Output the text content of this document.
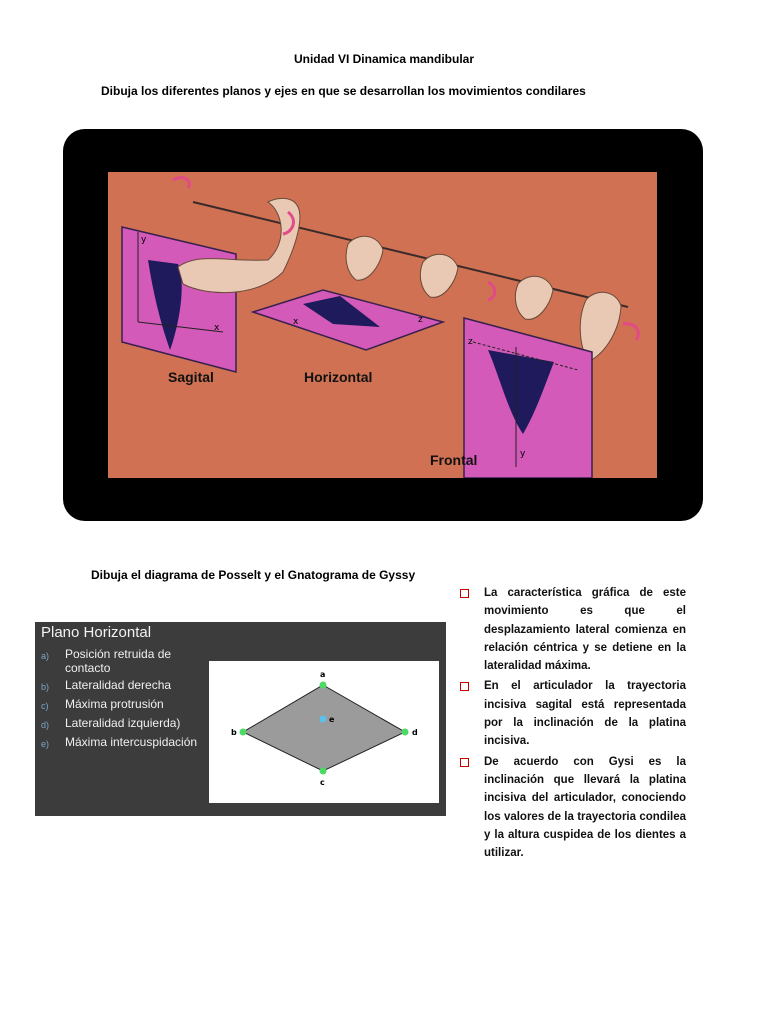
Unidad VI Dinamica mandibular
Dibuja los diferentes planos y ejes en que se desarrollan los movimientos condilares
y
x
x	z
z
y
Sagital	Horizontal
Frontal
Dibuja el diagrama de Posselt y el Gnatograma de Gyssy
Plano Horizontal
a)	Posición retruida de contacto
b)	Lateralidad derecha
c)	Máxima protrusión
d)	Lateralidad izquierda)
e)	Máxima intercuspidación
a
b
c
d
e

La característica gráfica de este movimiento es que el desplazamiento lateral comienza en relación céntrica y se detiene en la lateralidad máxima.

En el articulador la trayectoria incisiva sagital está representada por la inclinación de la platina incisiva.

De acuerdo con Gysi es la inclinación que llevará la platina incisiva del articulador, conociendo los valores de la trayectoria condilea y la altura cuspidea de los dientes a utilizar.
